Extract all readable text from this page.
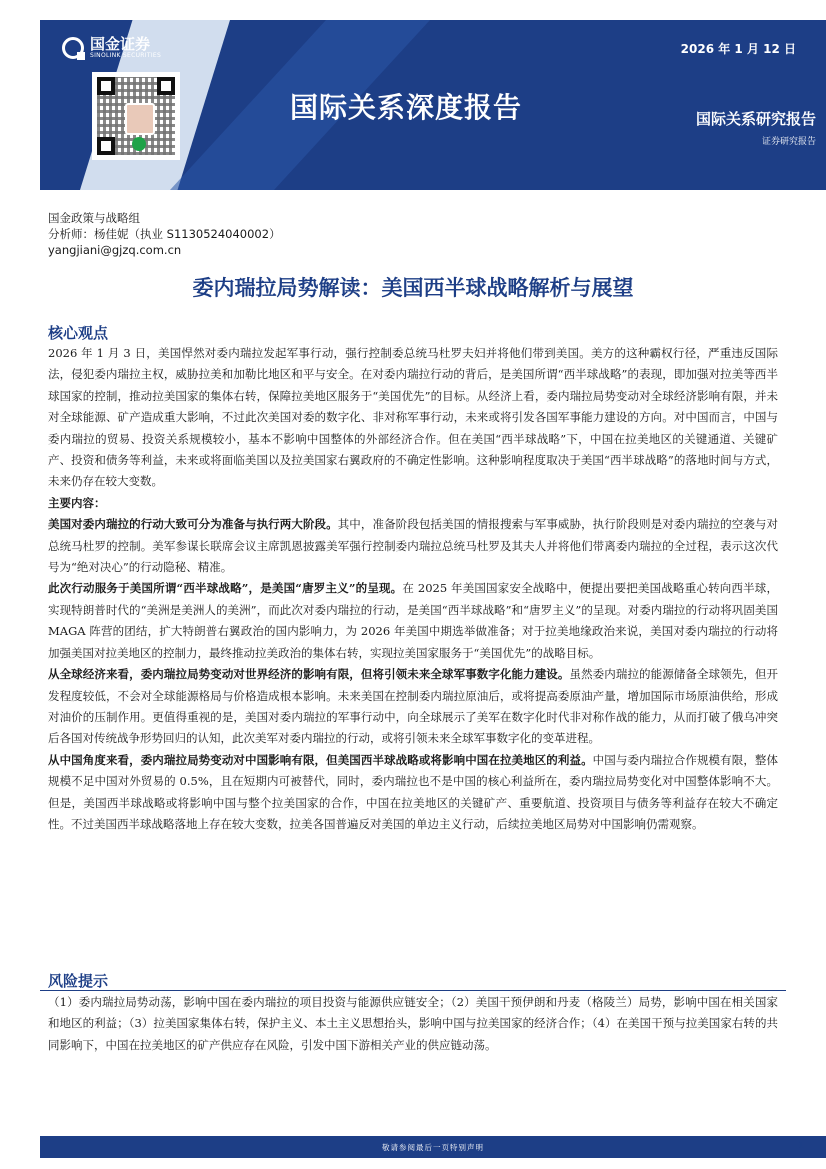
国金证券
SINOLINK SECURITIES
国际关系深度报告
2026 年 1 月 12 日
国际关系研究报告
证券研究报告
国金政策与战略组
分析师：杨佳妮（执业 S1130524040002）
yangjiani@gjzq.com.cn
委内瑞拉局势解读：美国西半球战略解析与展望
核心观点

2026 年 1 月 3 日，美国悍然对委内瑞拉发起军事行动，强行控制委总统马杜罗夫妇并将他们带到美国。美方的这种霸权行径，严重违反国际法，侵犯委内瑞拉主权，威胁拉美和加勒比地区和平与安全。在对委内瑞拉行动的背后，是美国所谓“西半球战略”的表现，即加强对拉美等西半球国家的控制，推动拉美国家的集体右转，保障拉美地区服务于“美国优先”的目标。从经济上看，委内瑞拉局势变动对全球经济影响有限，并未对全球能源、矿产造成重大影响，不过此次美国对委的数字化、非对称军事行动，未来或将引发各国军事能力建设的方向。对中国而言，中国与委内瑞拉的贸易、投资关系规模较小，基本不影响中国整体的外部经济合作。但在美国“西半球战略”下，中国在拉美地区的关键通道、关键矿产、投资和债务等利益，未来或将面临美国以及拉美国家右翼政府的不确定性影响。这种影响程度取决于美国“西半球战略”的落地时间与方式，未来仍存在较大变数。

主要内容：

美国对委内瑞拉的行动大致可分为准备与执行两大阶段。其中，准备阶段包括美国的情报搜索与军事威胁，执行阶段则是对委内瑞拉的空袭与对总统马杜罗的控制。美军参谋长联席会议主席凯恩披露美军强行控制委内瑞拉总统马杜罗及其夫人并将他们带离委内瑞拉的全过程，表示这次代号为“绝对决心”的行动隐秘、精准。

此次行动服务于美国所谓“西半球战略”，是美国“唐罗主义”的呈现。在 2025 年美国国家安全战略中，便提出要把美国战略重心转向西半球，实现特朗普时代的“美洲是美洲人的美洲”，而此次对委内瑞拉的行动，是美国“西半球战略”和“唐罗主义”的呈现。对委内瑞拉的行动将巩固美国 MAGA 阵营的团结，扩大特朗普右翼政治的国内影响力，为 2026 年美国中期选举做准备；对于拉美地缘政治来说，美国对委内瑞拉的行动将加强美国对拉美地区的控制力，最终推动拉美政治的集体右转，实现拉美国家服务于“美国优先”的战略目标。

从全球经济来看，委内瑞拉局势变动对世界经济的影响有限，但将引领未来全球军事数字化能力建设。虽然委内瑞拉的能源储备全球领先，但开发程度较低，不会对全球能源格局与价格造成根本影响。未来美国在控制委内瑞拉原油后，或将提高委原油产量，增加国际市场原油供给，形成对油价的压制作用。更值得重视的是，美国对委内瑞拉的军事行动中，向全球展示了美军在数字化时代非对称作战的能力，从而打破了俄乌冲突后各国对传统战争形势回归的认知，此次美军对委内瑞拉的行动，或将引领未来全球军事数字化的变革进程。

从中国角度来看，委内瑞拉局势变动对中国影响有限，但美国西半球战略或将影响中国在拉美地区的利益。中国与委内瑞拉合作规模有限，整体规模不足中国对外贸易的 0.5%，且在短期内可被替代，同时，委内瑞拉也不是中国的核心利益所在，委内瑞拉局势变化对中国整体影响不大。但是，美国西半球战略或将影响中国与整个拉美国家的合作，中国在拉美地区的关键矿产、重要航道、投资项目与债务等利益存在较大不确定性。不过美国西半球战略落地上存在较大变数，拉美各国普遍反对美国的单边主义行动，后续拉美地区局势对中国影响仍需观察。

风险提示

（1）委内瑞拉局势动荡，影响中国在委内瑞拉的项目投资与能源供应链安全；（2）美国干预伊朗和丹麦（格陵兰）局势，影响中国在相关国家和地区的利益；（3）拉美国家集体右转，保护主义、本土主义思想抬头，影响中国与拉美国家的经济合作；（4）在美国干预与拉美国家右转的共同影响下，中国在拉美地区的矿产供应存在风险，引发中国下游相关产业的供应链动荡。

敬请参阅最后一页特别声明	1
